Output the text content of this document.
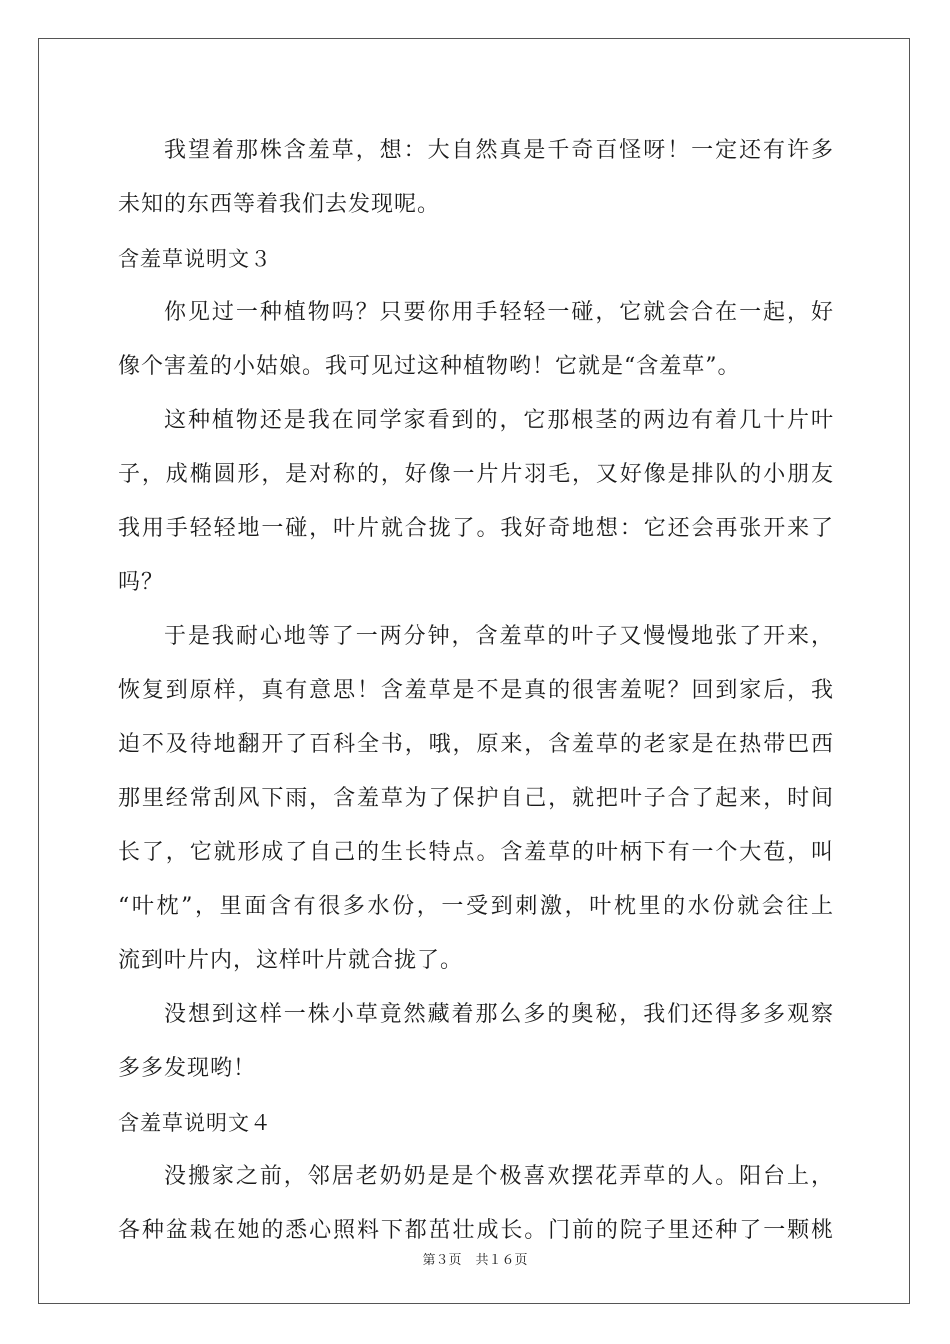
我望着那株含羞草，想：大自然真是千奇百怪呀！一定还有许多
未知的东西等着我们去发现呢。
含羞草说明文３
你见过一种植物吗？只要你用手轻轻一碰，它就会合在一起，好
像个害羞的小姑娘。我可见过这种植物哟！它就是“含羞草”。
这种植物还是我在同学家看到的，它那根茎的两边有着几十片叶
子，成椭圆形，是对称的，好像一片片羽毛，又好像是排队的小朋友
我用手轻轻地一碰，叶片就合拢了。我好奇地想：它还会再张开来了
吗？
于是我耐心地等了一两分钟，含羞草的叶子又慢慢地张了开来，
恢复到原样，真有意思！含羞草是不是真的很害羞呢？回到家后，我
迫不及待地翻开了百科全书，哦，原来，含羞草的老家是在热带巴西
那里经常刮风下雨，含羞草为了保护自己，就把叶子合了起来，时间
长了，它就形成了自己的生长特点。含羞草的叶柄下有一个大苞，叫
“叶枕”，里面含有很多水份，一受到刺激，叶枕里的水份就会往上
流到叶片内，这样叶片就合拢了。
没想到这样一株小草竟然藏着那么多的奥秘，我们还得多多观察
多多发现哟！
含羞草说明文４
没搬家之前，邻居老奶奶是是个极喜欢摆花弄草的人。阳台上，
各种盆栽在她的悉心照料下都茁壮成长。门前的院子里还种了一颗桃
第３页 共１６页
